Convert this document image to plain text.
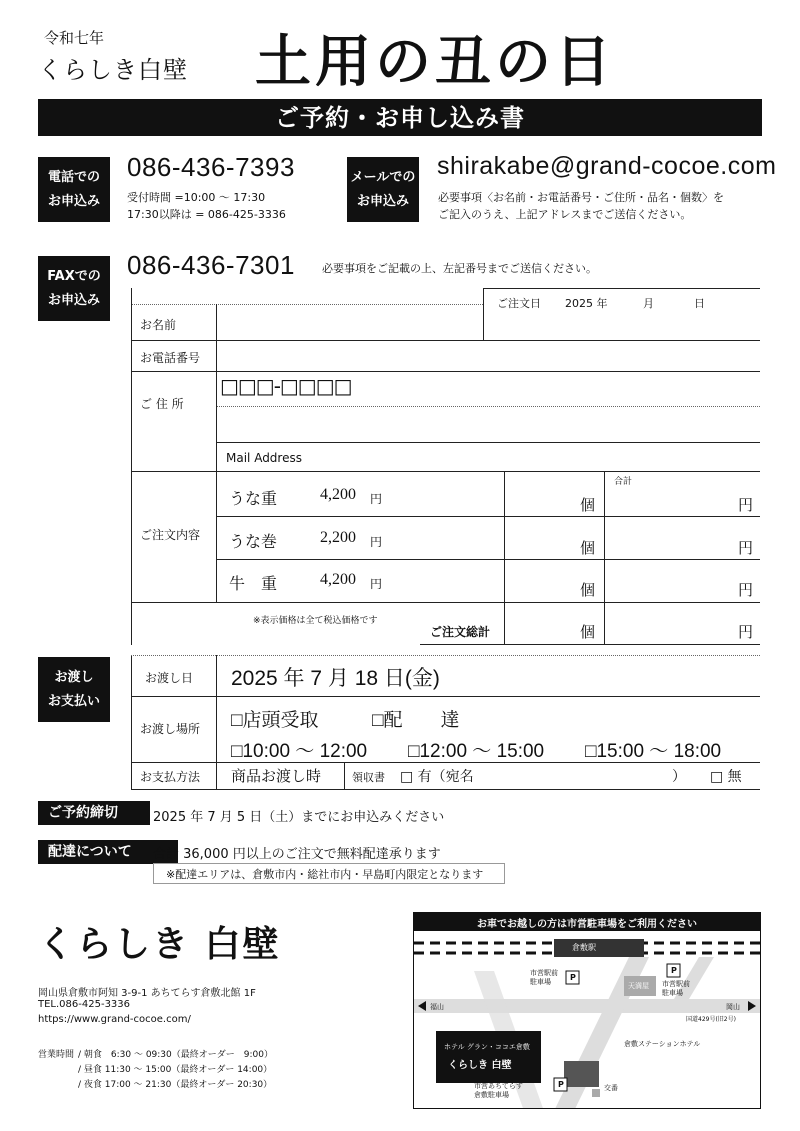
令和七年
くらしき白壁 土用の丑の日
ご予約・お申し込み書
電話での
お申込み
086-436-7393
受付時間 =10:00 ～ 17:30
17:30以降は = 086-425-3336
メールでの
お申込み
shirakabe@grand-cocoe.com
必要事項〈お名前・お電話番号・ご住所・品名・個数〉を
ご記入のうえ、上記アドレスまでご送信ください。
FAXでの
お申込み
086-436-7301 必要事項をご記載の上、左記番号までご送信ください。
ご注文日 2025 年	月	日
お名前
お電話番号
ご 住 所
□□□-□□□□
Mail Address
ご注文内容
合計
うな重	4,200 円	個	円
うな巻	2,200 円	個	円
牛　重	4,200 円	個	円
※表示価格は全て税込価格です
ご注文総計	個	円
お渡し
お支払い
お渡し日 2025 年 7 月 18 日(金)
お渡し場所 □店頭受取	□配　　達
□10:00 ～ 12:00 □12:00 ～ 15:00 □15:00 ～ 18:00
お支払方法 商品お渡し時	領収書 □ 有（宛名	） □ 無
ご予約締切	2025 年 7 月 5 日（土）までにお申込みください
配達について	合計 36,000 円以上のご注文で無料配達承ります
※配達エリアは、倉敷市内・総社市内・早島町内限定となります
くらしき 白壁
岡山県倉敷市阿知 3-9-1 あちてらす倉敷北館 1F
TEL.086-425-3336
https://www.grand-cocoe.com/
営業時間 / 朝食　6:30 ～ 09:30（最終オーダー　9:00）
/ 昼食 11:30 ～ 15:00（最終オーダー 14:00）
/ 夜食 17:00 ～ 21:30（最終オーダー 20:30）
お車でお越しの方は市営駐車場をご利用ください
倉敷駅
市営駅前
駐車場 P
天満屋
P
市営駅前
駐車場
福山	岡山
国道429号(旧2号)
ホテル グラン・ココエ倉敷
くらしき 白壁
倉敷ステーションホテル
P
市営あちてらす
倉敷駐車場
交番
